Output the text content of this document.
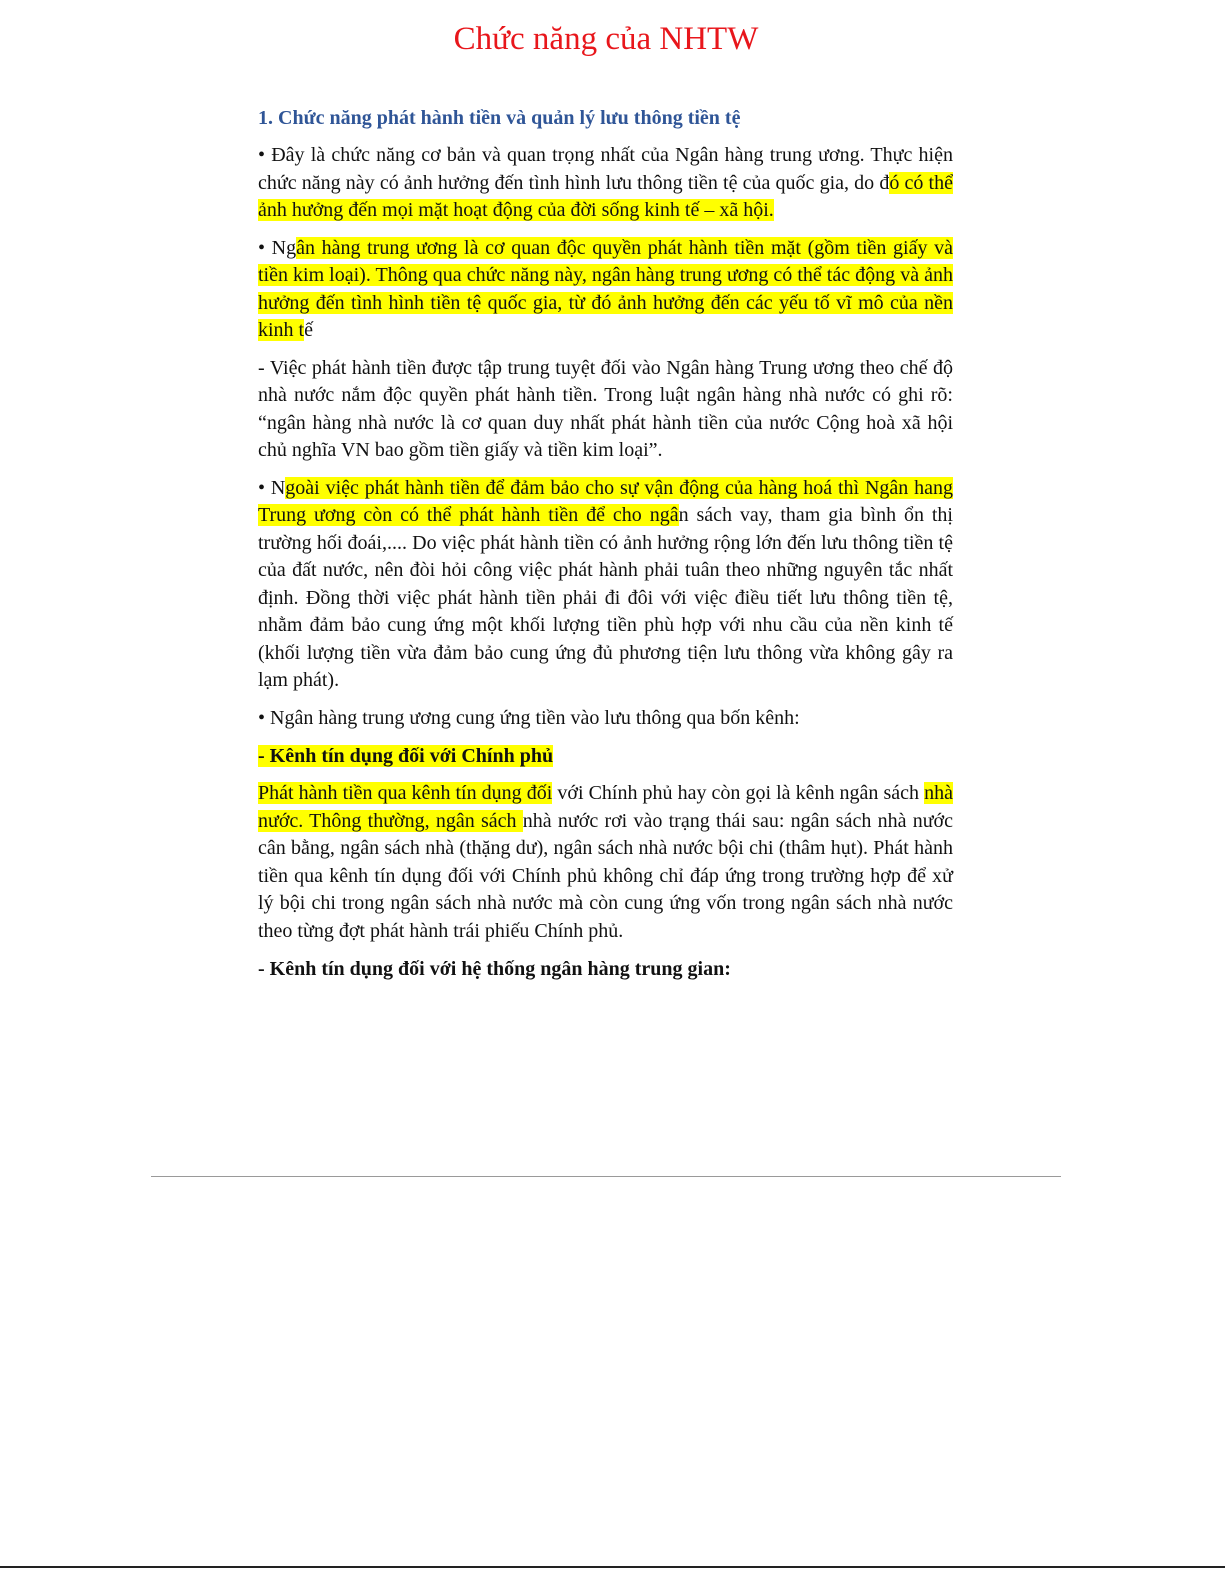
Chức năng của NHTW
1. Chức năng phát hành tiền và quản lý lưu thông tiền tệ

• Đây là chức năng cơ bản và quan trọng nhất của Ngân hàng trung ương. Thực hiện chức năng này có ảnh hưởng đến tình hình lưu thông tiền tệ của quốc gia, do đó có thể ảnh hưởng đến mọi mặt hoạt động của đời sống kinh tế – xã hội.

• Ngân hàng trung ương là cơ quan độc quyền phát hành tiền mặt (gồm tiền giấy và tiền kim loại). Thông qua chức năng này, ngân hàng trung ương có thể tác động và ảnh hưởng đến tình hình tiền tệ quốc gia, từ đó ảnh hưởng đến các yếu tố vĩ mô của nền kinh tế

- Việc phát hành tiền được tập trung tuyệt đối vào Ngân hàng Trung ương theo chế độ nhà nước nắm độc quyền phát hành tiền. Trong luật ngân hàng nhà nước có ghi rõ: “ngân hàng nhà nước là cơ quan duy nhất phát hành tiền của nước Cộng hoà xã hội chủ nghĩa VN bao gồm tiền giấy và tiền kim loại”.

• Ngoài việc phát hành tiền để đảm bảo cho sự vận động của hàng hoá thì Ngân hang Trung ương còn có thể phát hành tiền để cho ngân sách vay, tham gia bình ổn thị trường hối đoái,.... Do việc phát hành tiền có ảnh hưởng rộng lớn đến lưu thông tiền tệ của đất nước, nên đòi hỏi công việc phát hành phải tuân theo những nguyên tắc nhất định. Đồng thời việc phát hành tiền phải đi đôi với việc điều tiết lưu thông tiền tệ, nhằm đảm bảo cung ứng một khối lượng tiền phù hợp với nhu cầu của nền kinh tế (khối lượng tiền vừa đảm bảo cung ứng đủ phương tiện lưu thông vừa không gây ra lạm phát).

• Ngân hàng trung ương cung ứng tiền vào lưu thông qua bốn kênh:

- Kênh tín dụng đối với Chính phủ

Phát hành tiền qua kênh tín dụng đối với Chính phủ hay còn gọi là kênh ngân sách nhà nước. Thông thường, ngân sách nhà nước rơi vào trạng thái sau: ngân sách nhà nước cân bằng, ngân sách nhà (thặng dư), ngân sách nhà nước bội chi (thâm hụt). Phát hành tiền qua kênh tín dụng đối với Chính phủ không chỉ đáp ứng trong trường hợp để xử lý bội chi trong ngân sách nhà nước mà còn cung ứng vốn trong ngân sách nhà nước theo từng đợt phát hành trái phiếu Chính phủ.

- Kênh tín dụng đối với hệ thống ngân hàng trung gian:
